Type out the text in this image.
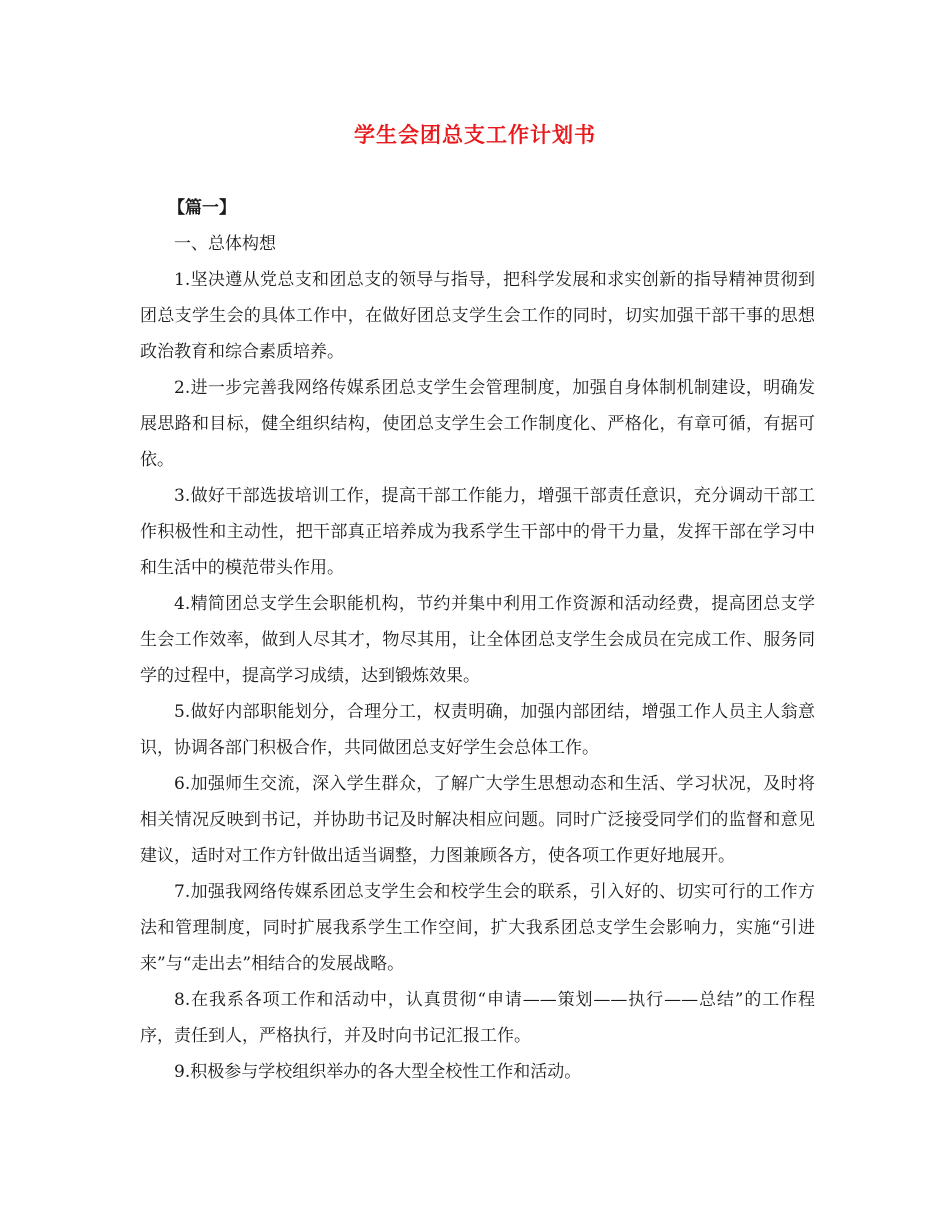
学生会团总支工作计划书

【篇一】

一、总体构想

1.坚决遵从党总支和团总支的领导与指导，把科学发展和求实创新的指导精神贯彻到团总支学生会的具体工作中，在做好团总支学生会工作的同时，切实加强干部干事的思想政治教育和综合素质培养。

2.进一步完善我网络传媒系团总支学生会管理制度，加强自身体制机制建设，明确发展思路和目标，健全组织结构，使团总支学生会工作制度化、严格化，有章可循，有据可依。

3.做好干部选拔培训工作，提高干部工作能力，增强干部责任意识，充分调动干部工作积极性和主动性，把干部真正培养成为我系学生干部中的骨干力量，发挥干部在学习中和生活中的模范带头作用。

4.精简团总支学生会职能机构，节约并集中利用工作资源和活动经费，提高团总支学生会工作效率，做到人尽其才，物尽其用，让全体团总支学生会成员在完成工作、服务同学的过程中，提高学习成绩，达到锻炼效果。

5.做好内部职能划分，合理分工，权责明确，加强内部团结，增强工作人员主人翁意识，协调各部门积极合作，共同做团总支好学生会总体工作。

6.加强师生交流，深入学生群众，了解广大学生思想动态和生活、学习状况，及时将相关情况反映到书记，并协助书记及时解决相应问题。同时广泛接受同学们的监督和意见建议，适时对工作方针做出适当调整，力图兼顾各方，使各项工作更好地展开。

7.加强我网络传媒系团总支学生会和校学生会的联系，引入好的、切实可行的工作方法和管理制度，同时扩展我系学生工作空间，扩大我系团总支学生会影响力，实施“引进来”与“走出去”相结合的发展战略。

8.在我系各项工作和活动中，认真贯彻“申请——策划——执行——总结”的工作程序，责任到人，严格执行，并及时向书记汇报工作。

9.积极参与学校组织举办的各大型全校性工作和活动。
